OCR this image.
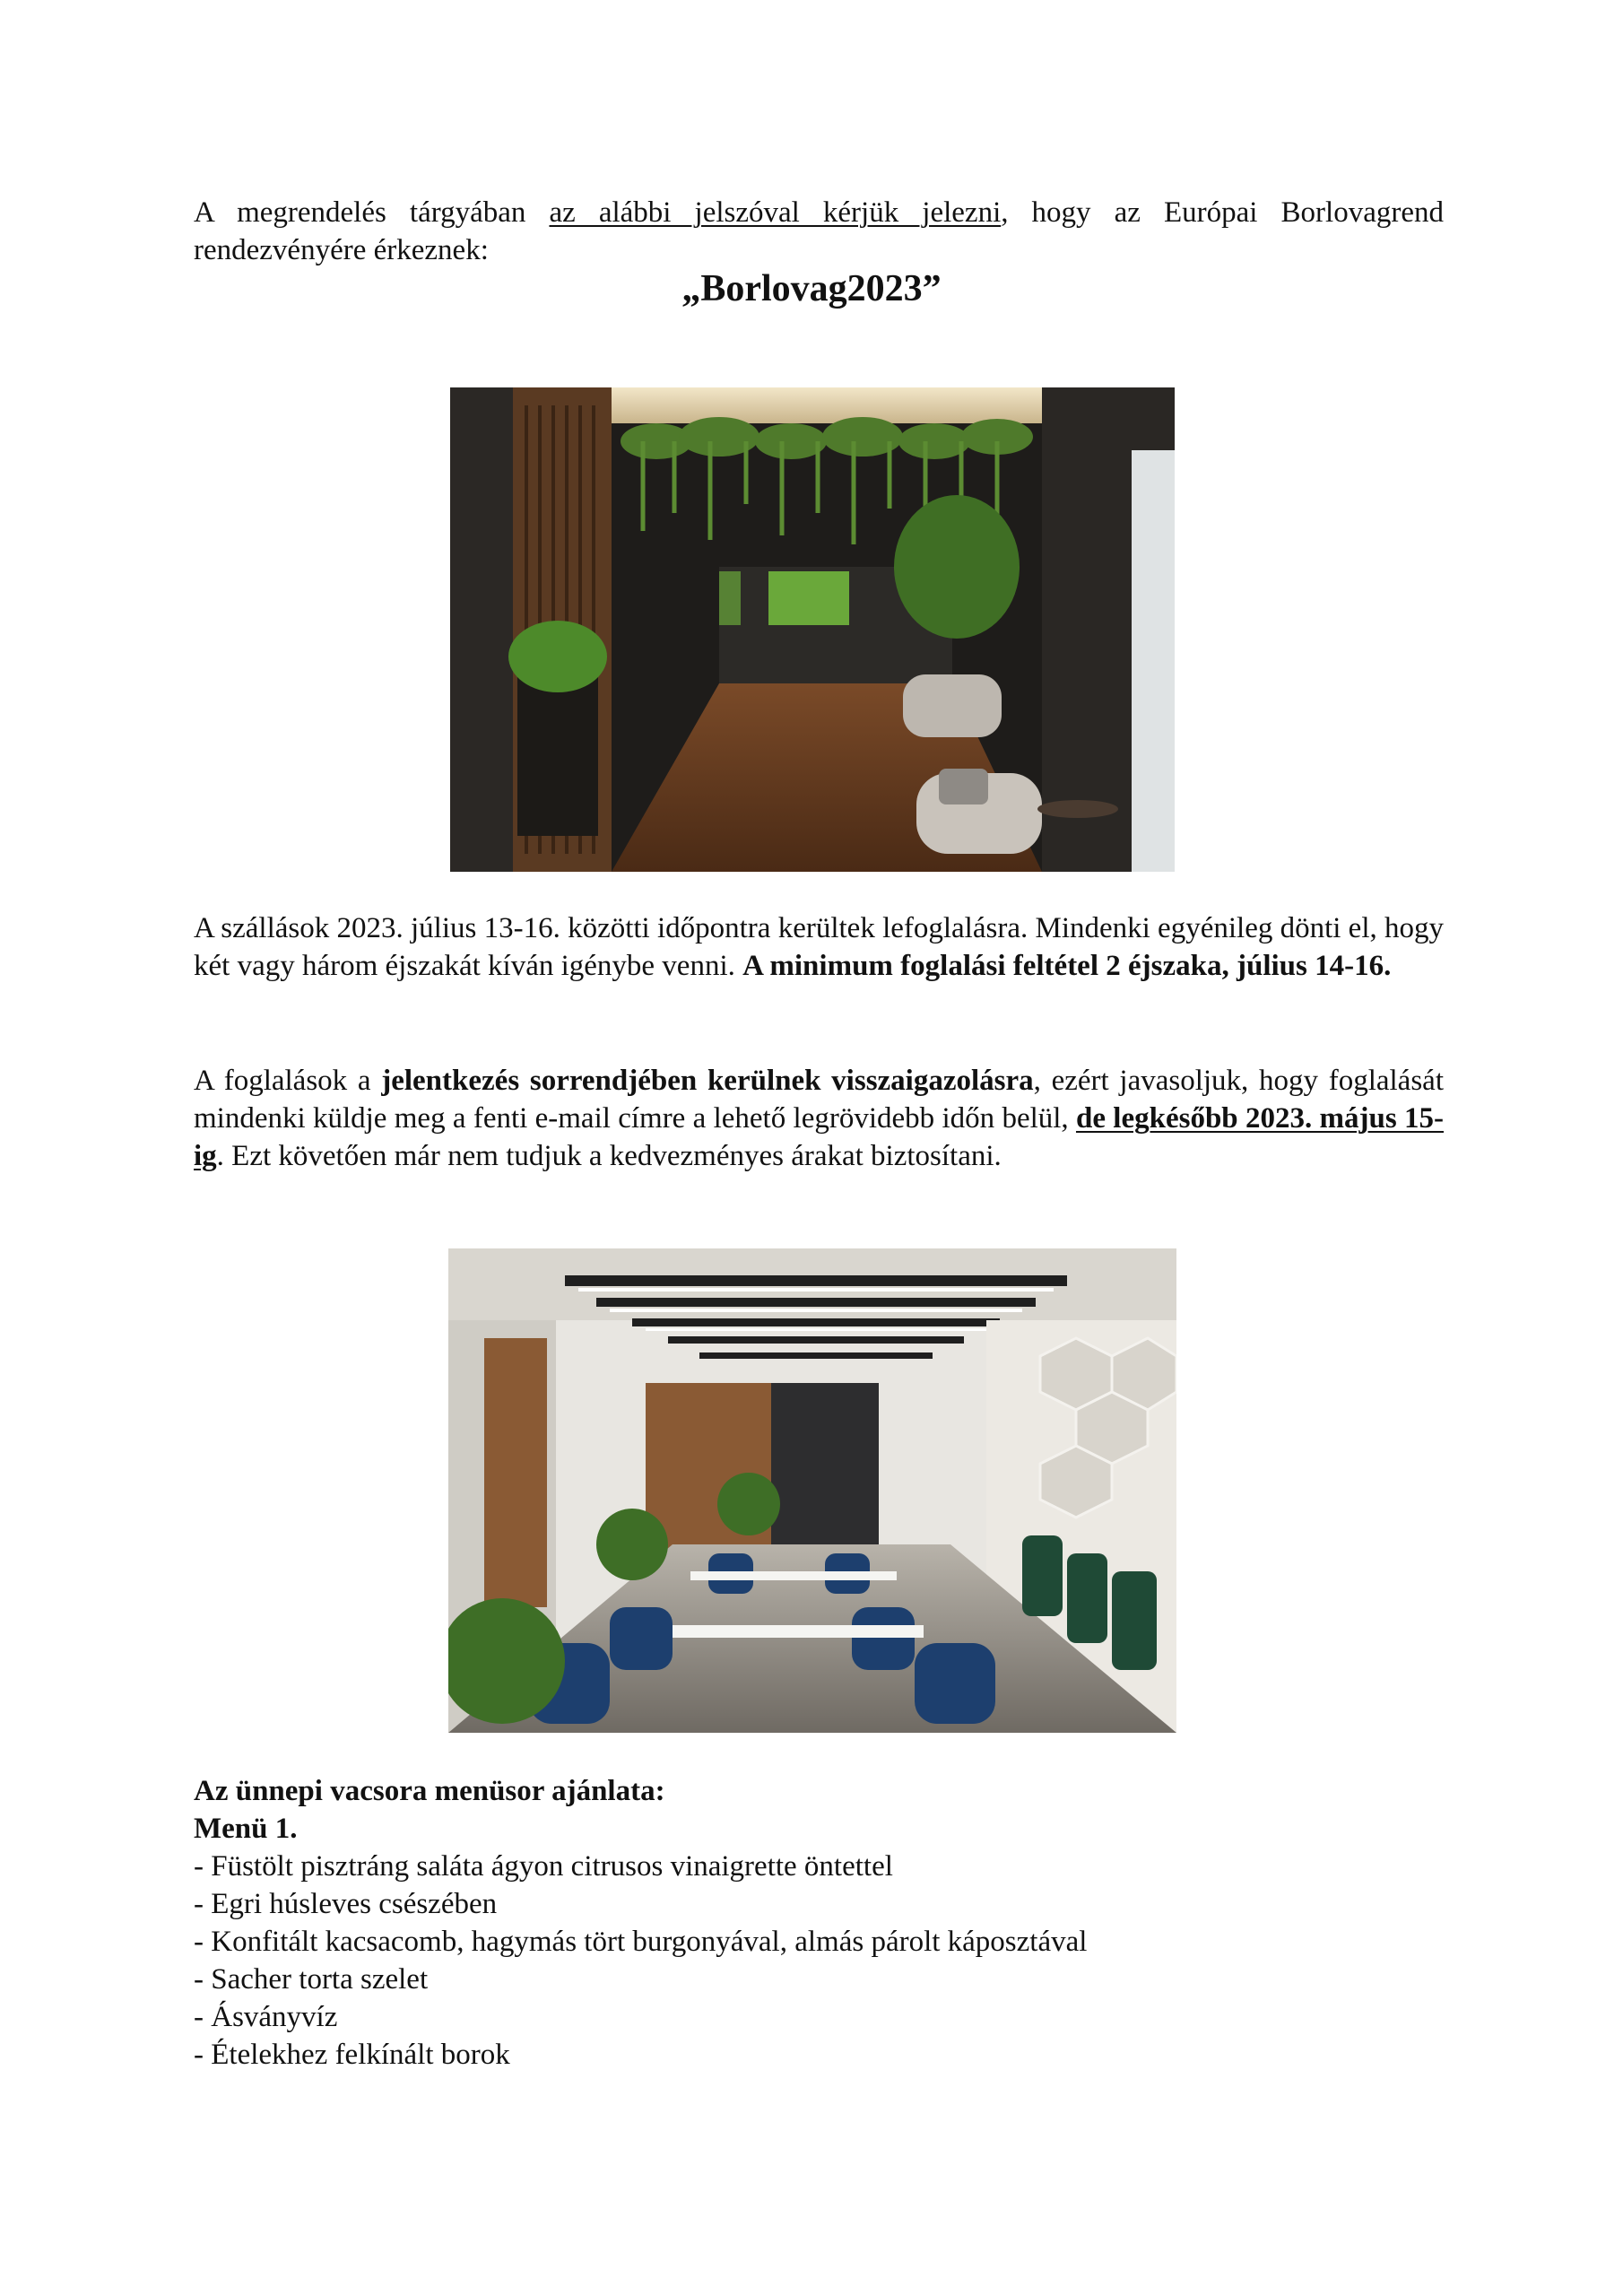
A megrendelés tárgyában az alábbi jelszóval kérjük jelezni, hogy az Európai Borlovagrend rendezvényére érkeznek:
„Borlovag2023”
A szállások 2023. július 13-16. közötti időpontra kerültek lefoglalásra. Mindenki egyénileg dönti el, hogy két vagy három éjszakát kíván igénybe venni. A minimum foglalási feltétel 2 éjszaka, július 14-16.
A foglalások a jelentkezés sorrendjében kerülnek visszaigazolásra, ezért javasoljuk, hogy foglalását mindenki küldje meg a fenti e-mail címre a lehető legrövidebb időn belül, de legkésőbb 2023. május 15-ig. Ezt követően már nem tudjuk a kedvezményes árakat biztosítani.
Az ünnepi vacsora menüsor ajánlata:
Menü 1.
- Füstölt pisztráng saláta ágyon citrusos vinaigrette öntettel
- Egri húsleves csészében
- Konfitált kacsacomb, hagymás tört burgonyával, almás párolt káposztával
- Sacher torta szelet
- Ásványvíz
- Ételekhez felkínált borok
